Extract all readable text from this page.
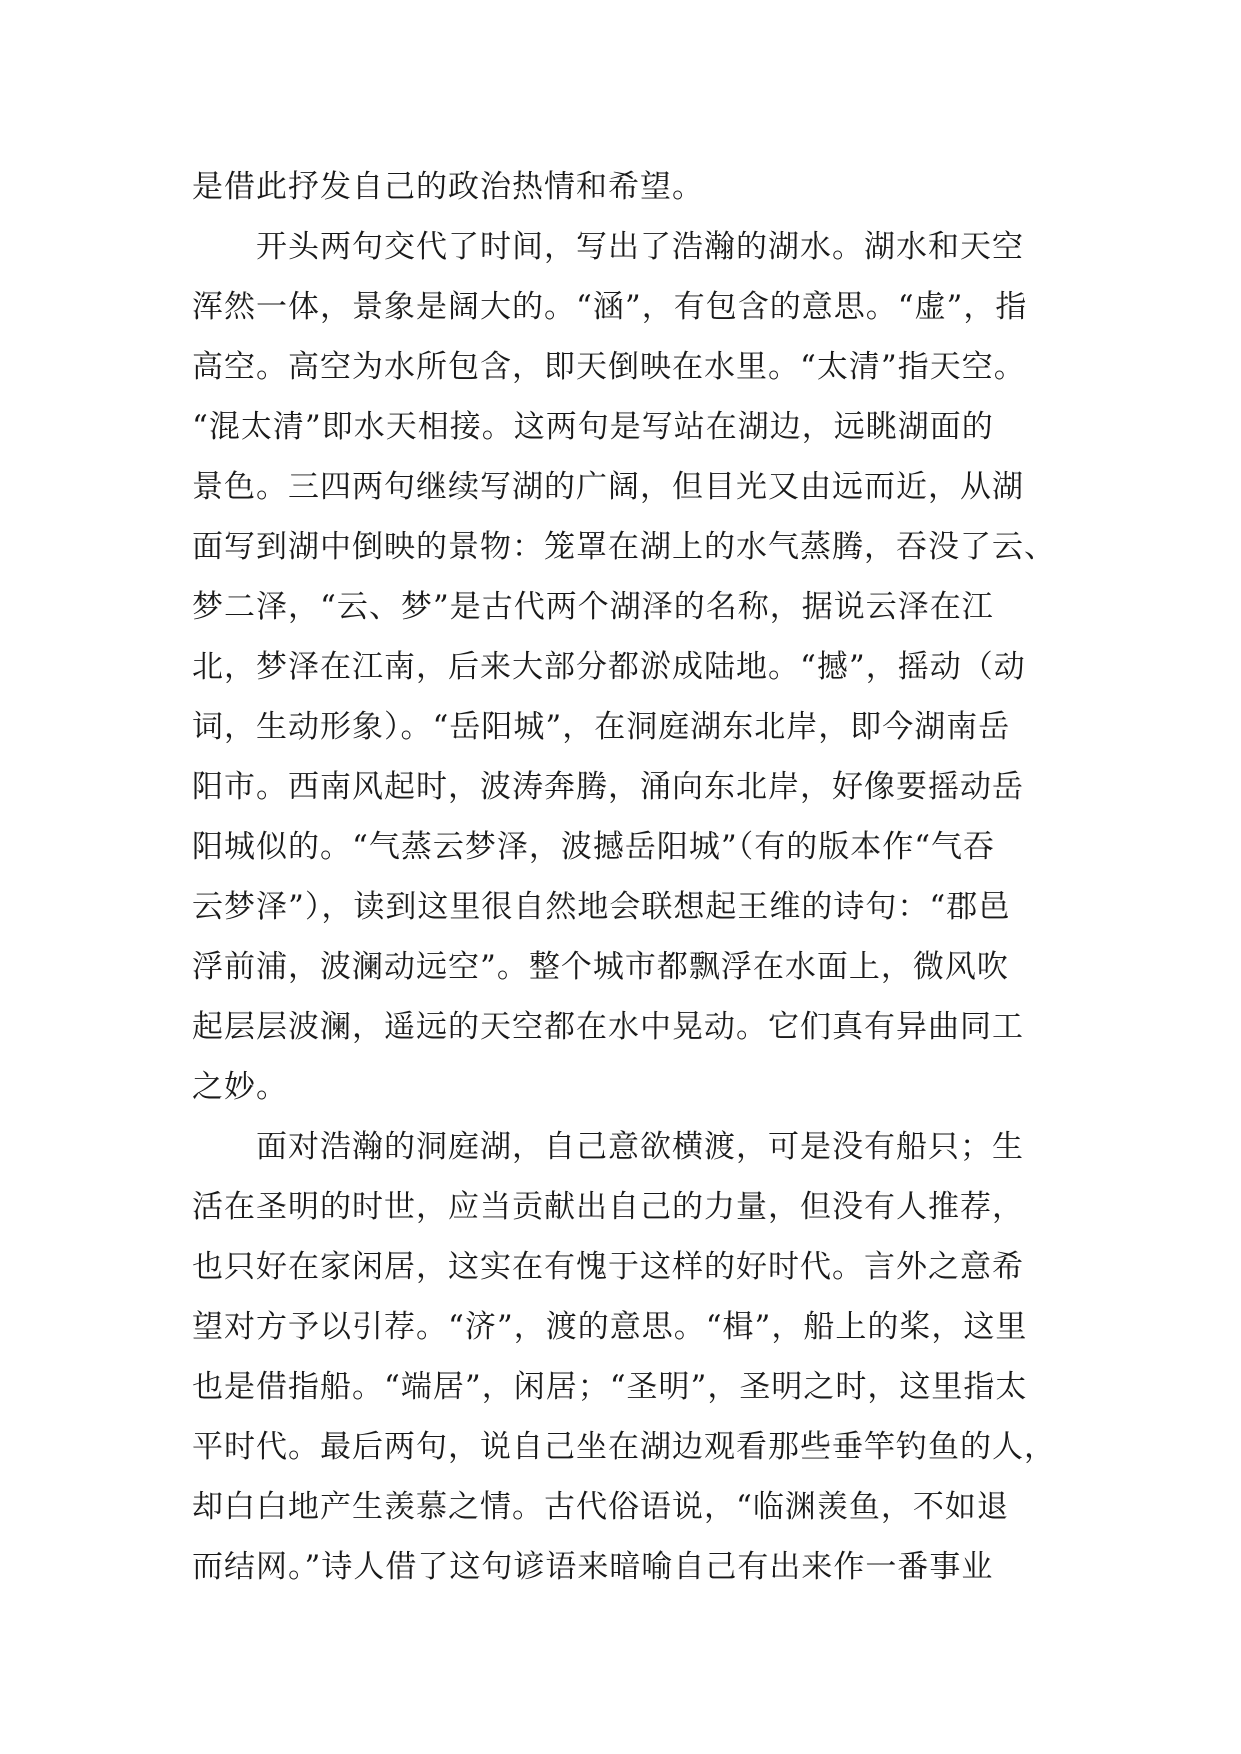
是借此抒发自己的政治热情和希望。
开头两句交代了时间，写出了浩瀚的湖水。湖水和天空
浑然一体，景象是阔大的。“涵”，有包含的意思。“虚”，指
高空。高空为水所包含，即天倒映在水里。“太清”指天空。
“混太清”即水天相接。这两句是写站在湖边，远眺湖面的
景色。三四两句继续写湖的广阔，但目光又由远而近，从湖
面写到湖中倒映的景物：笼罩在湖上的水气蒸腾，吞没了云、
梦二泽，“云、梦”是古代两个湖泽的名称，据说云泽在江
北，梦泽在江南，后来大部分都淤成陆地。“撼”，摇动（动
词，生动形象）。“岳阳城”，在洞庭湖东北岸，即今湖南岳
阳市。西南风起时，波涛奔腾，涌向东北岸，好像要摇动岳
阳城似的。“气蒸云梦泽，波撼岳阳城”（有的版本作“气吞
云梦泽”），读到这里很自然地会联想起王维的诗句：“郡邑
浮前浦，波澜动远空”。整个城市都飘浮在水面上，微风吹
起层层波澜，遥远的天空都在水中晃动。它们真有异曲同工
之妙。
面对浩瀚的洞庭湖，自己意欲横渡，可是没有船只；生
活在圣明的时世，应当贡献出自己的力量，但没有人推荐，
也只好在家闲居，这实在有愧于这样的好时代。言外之意希
望对方予以引荐。“济”，渡的意思。“楫”，船上的桨，这里
也是借指船。“端居”，闲居；“圣明”，圣明之时，这里指太
平时代。最后两句，说自己坐在湖边观看那些垂竿钓鱼的人，
却白白地产生羡慕之情。古代俗语说，“临渊羡鱼，不如退
而结网。”诗人借了这句谚语来暗喻自己有出来作一番事业
